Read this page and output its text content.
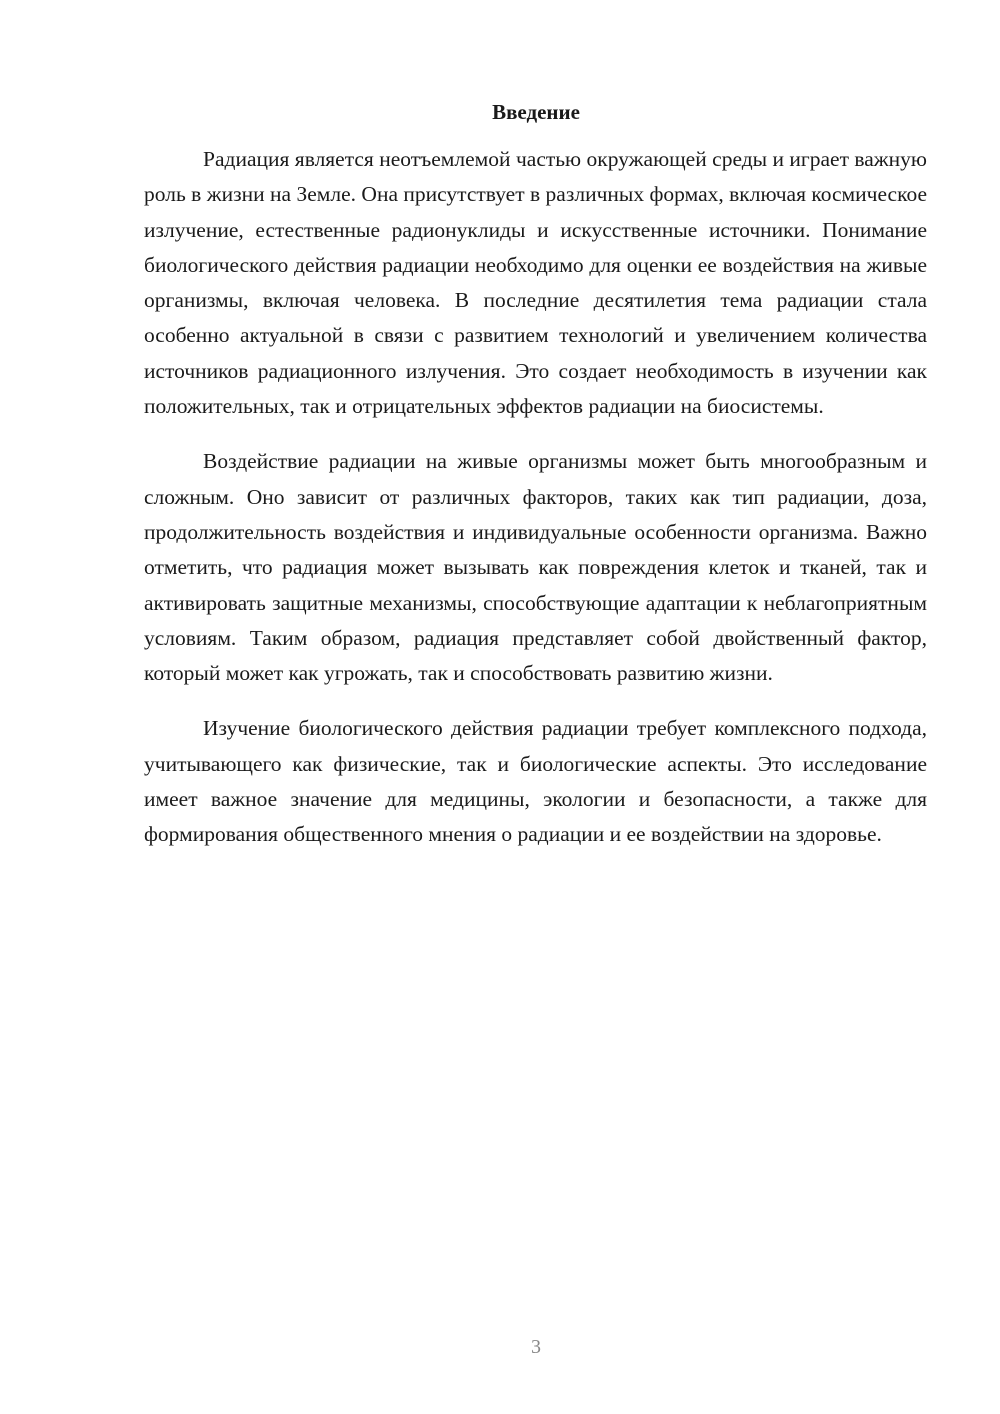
Введение

Радиация является неотъемлемой частью окружающей среды и играет важную роль в жизни на Земле. Она присутствует в различных формах, включая космическое излучение, естественные радионуклиды и искусственные источники. Понимание биологического действия радиации необходимо для оценки ее воздействия на живые организмы, включая человека. В последние десятилетия тема радиации стала особенно актуальной в связи с развитием технологий и увеличением количества источников радиационного излучения. Это создает необходимость в изучении как положительных, так и отрицательных эффектов радиации на биосистемы.

Воздействие радиации на живые организмы может быть многообразным и сложным. Оно зависит от различных факторов, таких как тип радиации, доза, продолжительность воздействия и индивидуальные особенности организма. Важно отметить, что радиация может вызывать как повреждения клеток и тканей, так и активировать защитные механизмы, способствующие адаптации к неблагоприятным условиям. Таким образом, радиация представляет собой двойственный фактор, который может как угрожать, так и способствовать развитию жизни.

Изучение биологического действия радиации требует комплексного подхода, учитывающего как физические, так и биологические аспекты. Это исследование имеет важное значение для медицины, экологии и безопасности, а также для формирования общественного мнения о радиации и ее воздействии на здоровье.

3
